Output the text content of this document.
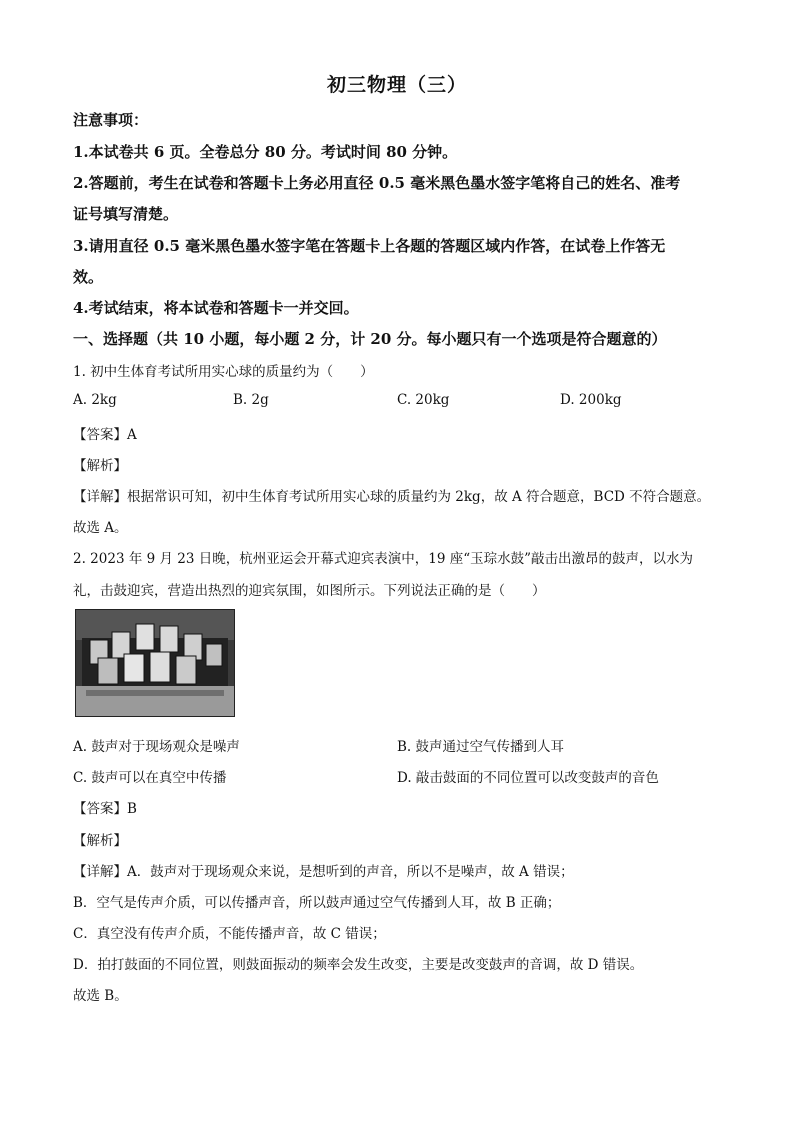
初三物理（三）
注意事项：
1.本试卷共 6 页。全卷总分 80 分。考试时间 80 分钟。
2.答题前，考生在试卷和答题卡上务必用直径 0.5 毫米黑色墨水签字笔将自己的姓名、准考
证号填写清楚。
3.请用直径 0.5 毫米黑色墨水签字笔在答题卡上各题的答题区域内作答，在试卷上作答无
效。
4.考试结束，将本试卷和答题卡一并交回。
一、选择题（共 10 小题，每小题 2 分，计 20 分。每小题只有一个选项是符合题意的）
1. 初中生体育考试所用实心球的质量约为（　　）
A. 2kg	B. 2g	C. 20kg	D. 200kg
【答案】A
【解析】
【详解】根据常识可知，初中生体育考试所用实心球的质量约为 2kg，故 A 符合题意，BCD 不符合题意。
故选 A。
2. 2023 年 9 月 23 日晚，杭州亚运会开幕式迎宾表演中，19 座“玉琮水鼓”敲击出激昂的鼓声，以水为
礼，击鼓迎宾，营造出热烈的迎宾氛围，如图所示。下列说法正确的是（　　）
A. 鼓声对于现场观众是噪声	B. 鼓声通过空气传播到人耳
C. 鼓声可以在真空中传播	D. 敲击鼓面的不同位置可以改变鼓声的音色
【答案】B
【解析】
【详解】A．鼓声对于现场观众来说，是想听到的声音，所以不是噪声，故 A 错误；
B．空气是传声介质，可以传播声音，所以鼓声通过空气传播到人耳，故 B 正确；
C．真空没有传声介质，不能传播声音，故 C 错误；
D．拍打鼓面的不同位置，则鼓面振动的频率会发生改变，主要是改变鼓声的音调，故 D 错误。
故选 B。
